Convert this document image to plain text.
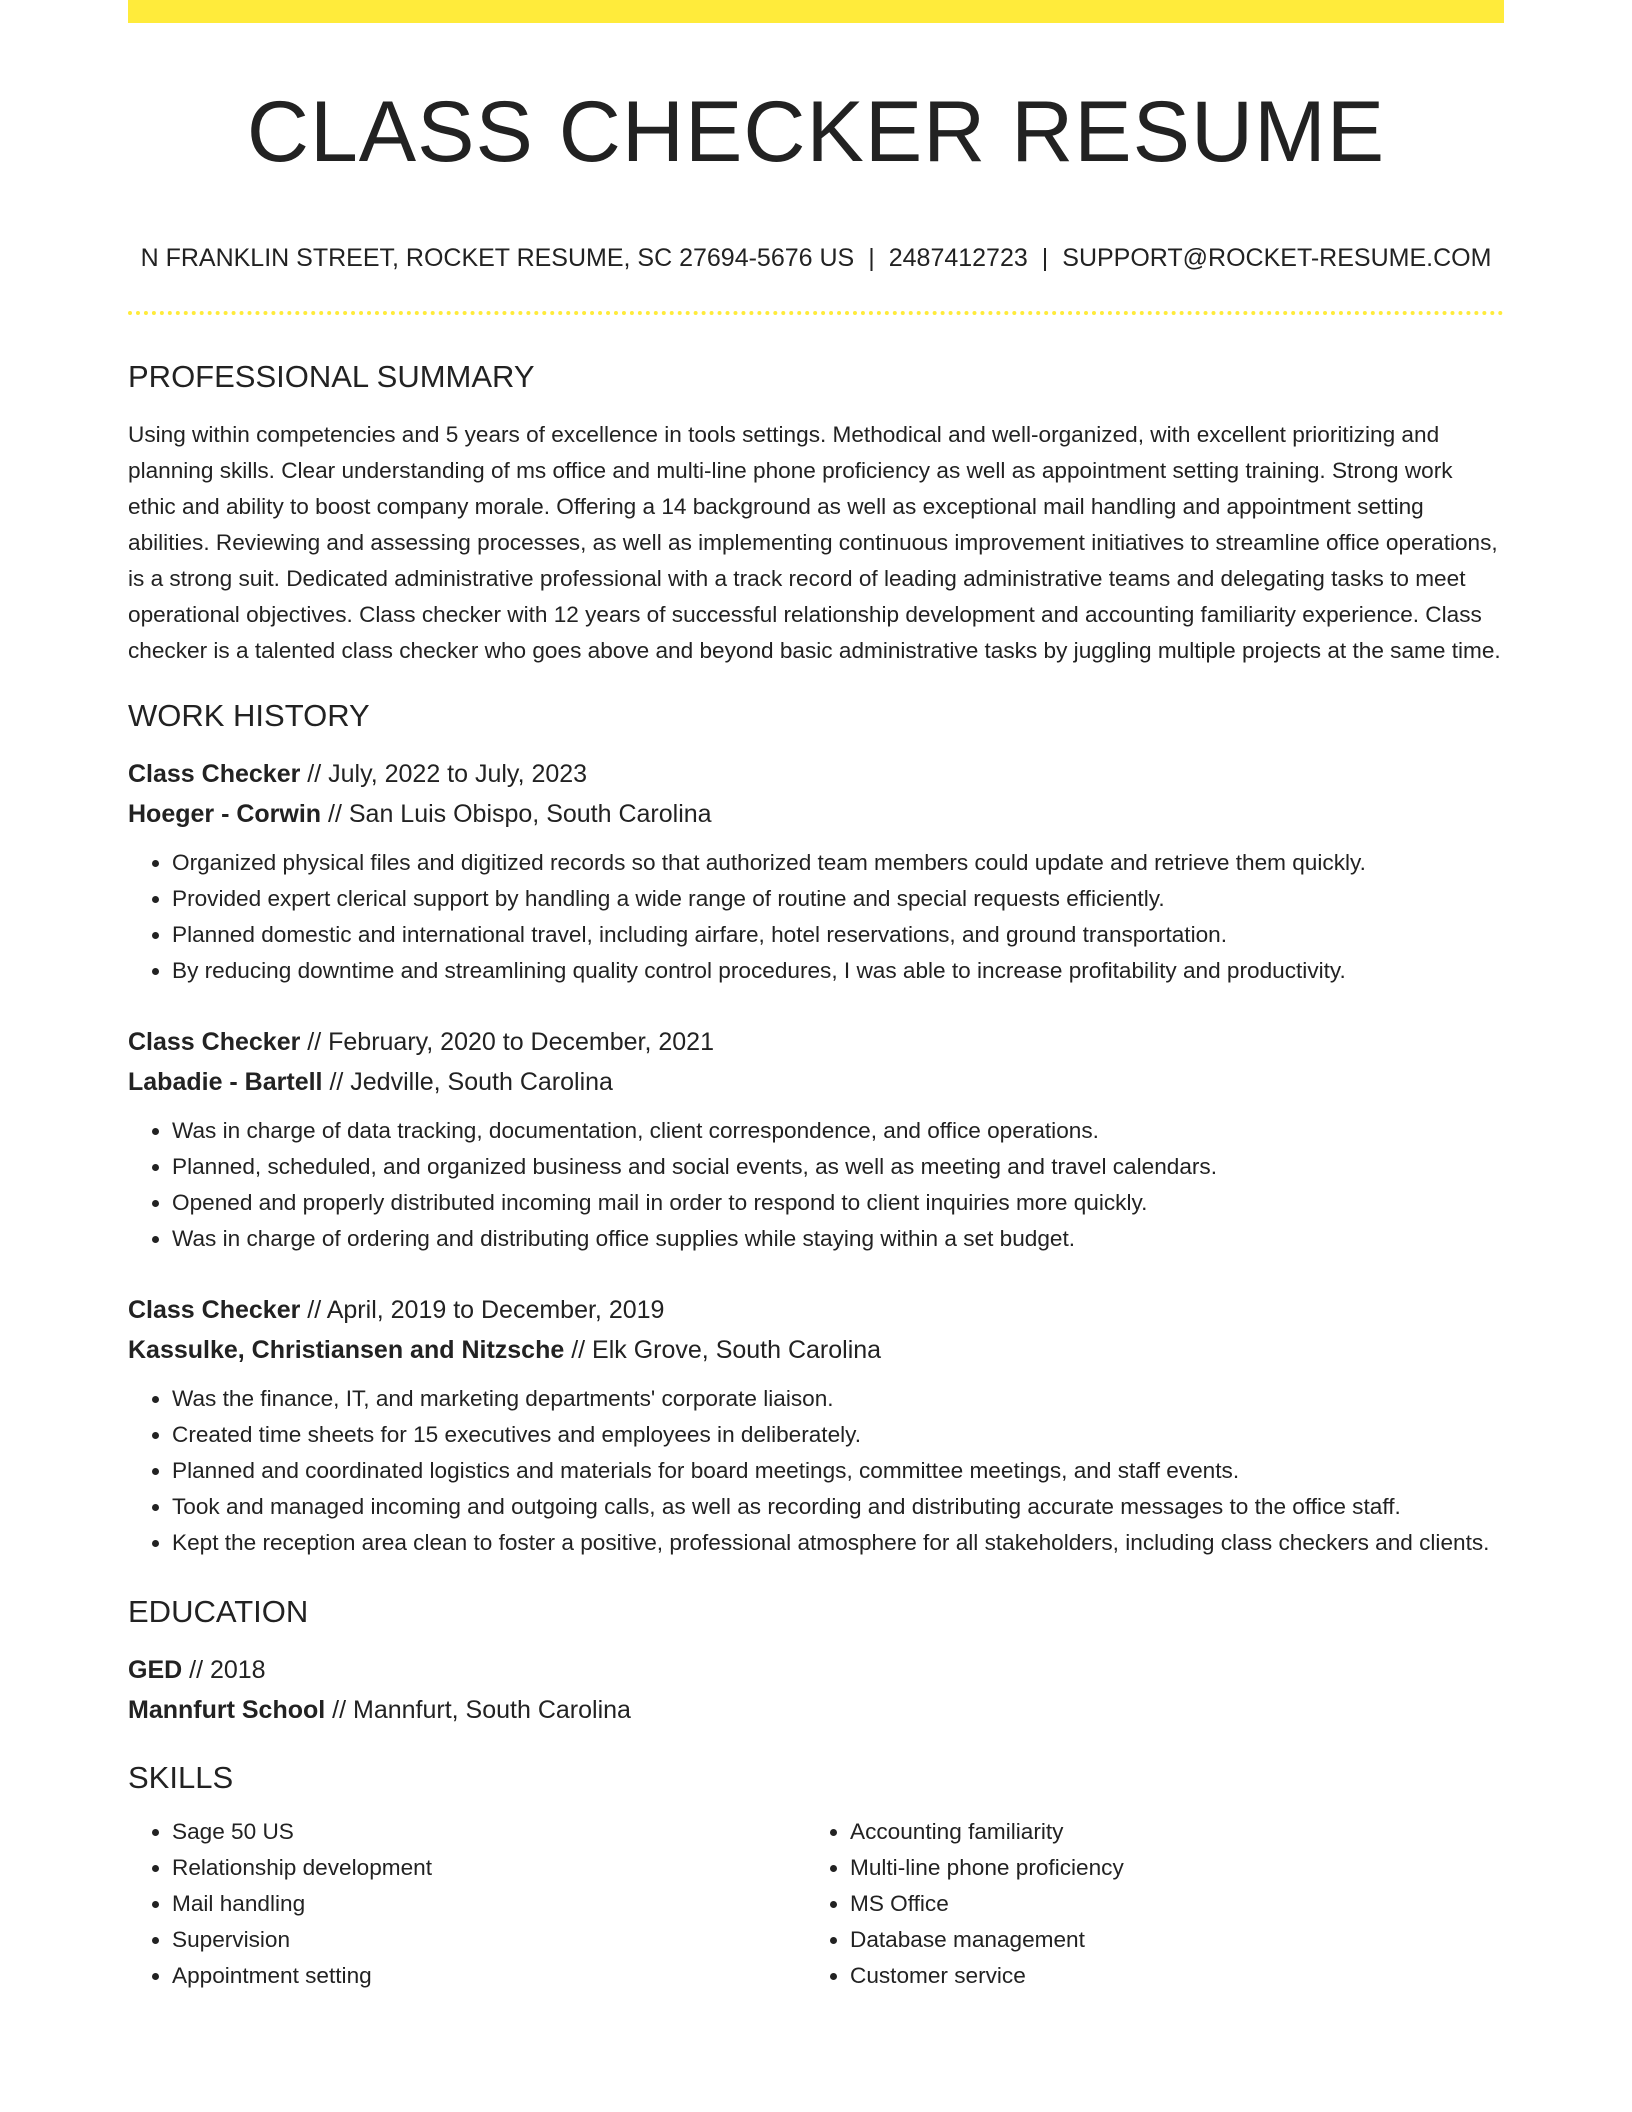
CLASS CHECKER RESUME
N FRANKLIN STREET, ROCKET RESUME, SC 27694-5676 US | 2487412723 | SUPPORT@ROCKET-RESUME.COM
PROFESSIONAL SUMMARY

Using within competencies and 5 years of excellence in tools settings. Methodical and well-organized, with excellent prioritizing and planning skills. Clear understanding of ms office and multi-line phone proficiency as well as appointment setting training. Strong work ethic and ability to boost company morale. Offering a 14 background as well as exceptional mail handling and appointment setting abilities. Reviewing and assessing processes, as well as implementing continuous improvement initiatives to streamline office operations, is a strong suit. Dedicated administrative professional with a track record of leading administrative teams and delegating tasks to meet operational objectives. Class checker with 12 years of successful relationship development and accounting familiarity experience. Class checker is a talented class checker who goes above and beyond basic administrative tasks by juggling multiple projects at the same time.

WORK HISTORY
Class Checker // July, 2022 to July, 2023
Hoeger - Corwin // San Luis Obispo, South Carolina
• Organized physical files and digitized records so that authorized team members could update and retrieve them quickly.
• Provided expert clerical support by handling a wide range of routine and special requests efficiently.
• Planned domestic and international travel, including airfare, hotel reservations, and ground transportation.
• By reducing downtime and streamlining quality control procedures, I was able to increase profitability and productivity.
Class Checker // February, 2020 to December, 2021
Labadie - Bartell // Jedville, South Carolina
• Was in charge of data tracking, documentation, client correspondence, and office operations.
• Planned, scheduled, and organized business and social events, as well as meeting and travel calendars.
• Opened and properly distributed incoming mail in order to respond to client inquiries more quickly.
• Was in charge of ordering and distributing office supplies while staying within a set budget.
Class Checker // April, 2019 to December, 2019
Kassulke, Christiansen and Nitzsche // Elk Grove, South Carolina
• Was the finance, IT, and marketing departments' corporate liaison.
• Created time sheets for 15 executives and employees in deliberately.
• Planned and coordinated logistics and materials for board meetings, committee meetings, and staff events.
• Took and managed incoming and outgoing calls, as well as recording and distributing accurate messages to the office staff.
• Kept the reception area clean to foster a positive, professional atmosphere for all stakeholders, including class checkers and clients.
EDUCATION
GED // 2018
Mannfurt School // Mannfurt, South Carolina
SKILLS
• Sage 50 US
• Relationship development
• Mail handling
• Supervision
• Appointment setting
• Accounting familiarity
• Multi-line phone proficiency
• MS Office
• Database management
• Customer service
